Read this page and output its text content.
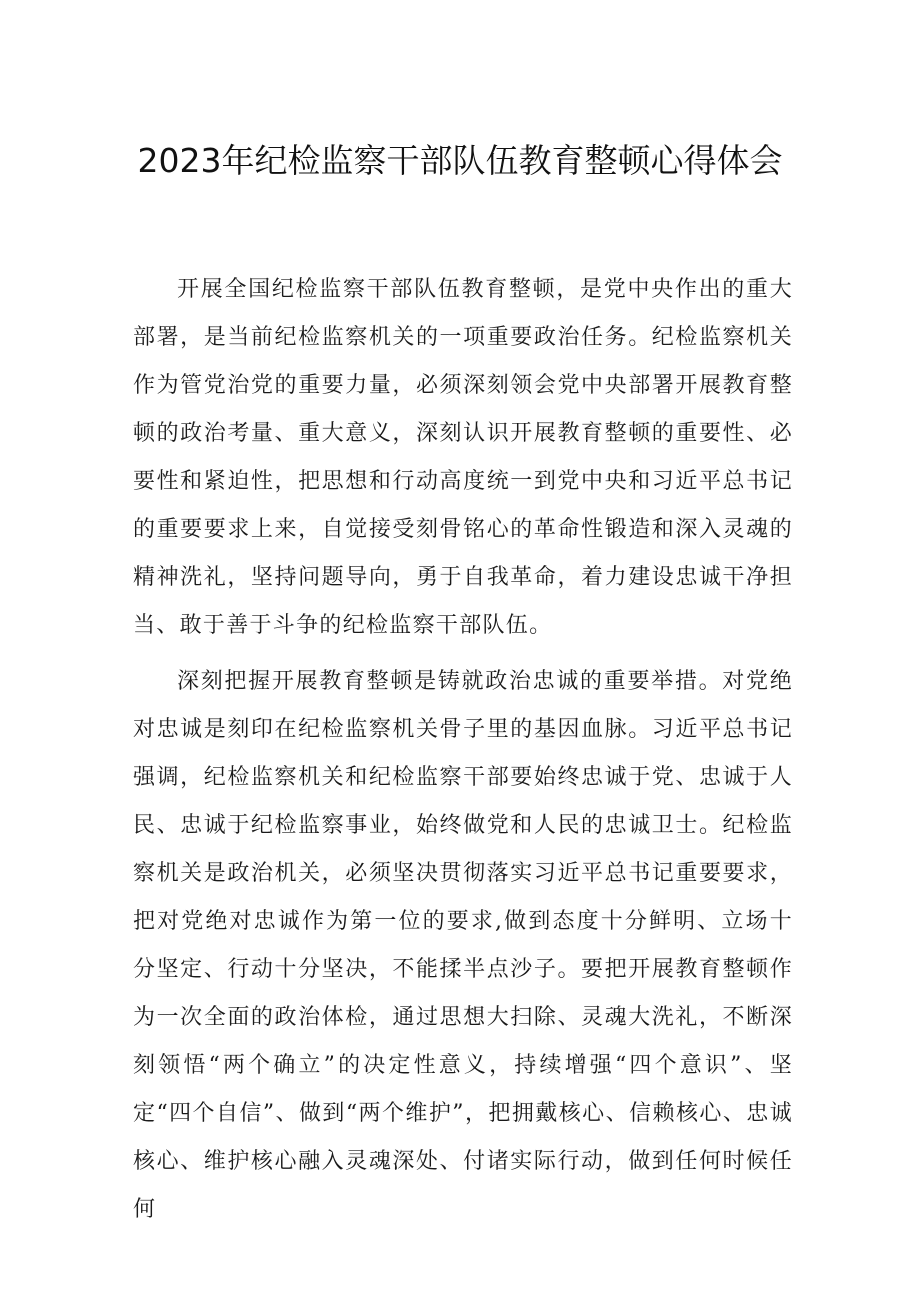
2023年纪检监察干部队伍教育整顿心得体会

开展全国纪检监察干部队伍教育整顿，是党中央作出的重大部署，是当前纪检监察机关的一项重要政治任务。纪检监察机关作为管党治党的重要力量，必须深刻领会党中央部署开展教育整顿的政治考量、重大意义，深刻认识开展教育整顿的重要性、必要性和紧迫性，把思想和行动高度统一到党中央和习近平总书记的重要要求上来，自觉接受刻骨铭心的革命性锻造和深入灵魂的精神洗礼，坚持问题导向，勇于自我革命，着力建设忠诚干净担当、敢于善于斗争的纪检监察干部队伍。

深刻把握开展教育整顿是铸就政治忠诚的重要举措。对党绝对忠诚是刻印在纪检监察机关骨子里的基因血脉。习近平总书记强调，纪检监察机关和纪检监察干部要始终忠诚于党、忠诚于人民、忠诚于纪检监察事业，始终做党和人民的忠诚卫士。纪检监察机关是政治机关，必须坚决贯彻落实习近平总书记重要要求，把对党绝对忠诚作为第一位的要求,做到态度十分鲜明、立场十分坚定、行动十分坚决，不能揉半点沙子。要把开展教育整顿作为一次全面的政治体检，通过思想大扫除、灵魂大洗礼，不断深刻领悟“两个确立”的决定性意义，持续增强“四个意识”、坚定“四个自信”、做到“两个维护”，把拥戴核心、信赖核心、忠诚核心、维护核心融入灵魂深处、付诸实际行动，做到任何时候任何
